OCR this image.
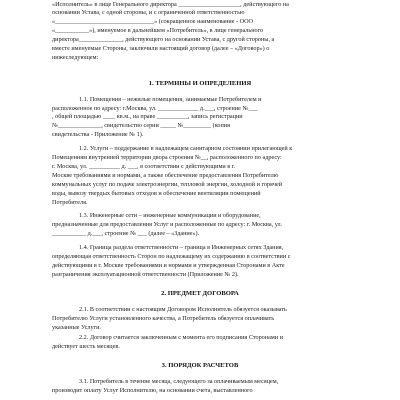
«Исполнитель» в лице Генерального директора ____________________, действующего на
основании Устава, с одной стороны, и с ограниченной ответственностью
«________________________________» (сокращенное наименование - ООО
«___________»), именуемое в дальнейшем «Потребитель», в лице генерального
директора______________, действующего на основании Устава, с другой стороны, а
вместе именуемые Стороны, заключили настоящий договор (далее – «Договор») о
нижеследующем:
1. ТЕРМИНЫ И ОПРЕДЕЛЕНИЯ
1.1. Помещения – нежилые помещения, занимаемые Потребителем и
расположенное по адресу: г.Москва, ул. _____________ д.___, строение №___
, общей площадью ____ кв.м., на праве __________, запись регистрации
№______________, свидетельство серии _____ №_________ (копия
свидетельства - Приложение № 1).
1.2. Услуги – поддержание в надлежащем санитарном состоянии прилегающей к
Помещениям внутренней территории двора строения №__, расположенного по адресу:
г. Москва, ул. __________ д. ___, в соответствии с действующими в г.
Москве требованиями и нормами, а также обеспечение предоставления Потребителю
коммунальных услуг по подаче электроэнергии, тепловой энергии, холодной и горячей
воды, вывозу твердых бытовых отходов и обеспечение вентиляции помещений
Потребителя.
1.3. Инженерные сети – инженерные коммуникации и оборудование,
предназначенные для предоставления Услуг и расположенные по адресу: г. Москва, ул.
___________ д.___, строение № ___ (далее – «Здание»).
1.4. Граница раздела ответственности – граница в Инженерных сетях Здания,
определяющая ответственность Сторон по надлежащему их содержанию в соответствии с
действующими в г. Москве требованиями и нормами и утвержденная Сторонами в Акте
разграничения эксплуатационной ответственности (Приложение № 2).
2. ПРЕДМЕТ ДОГОВОРА
2.1. В соответствии с настоящим Договором Исполнитель обязуется оказывать
Потребителю Услуги установленного качества, а Потребитель обязуется оплачивать
указанные Услуги.
2.2. Договор считается заключенным с момента его подписания Сторонами и
действует шесть месяцев.
3. ПОРЯДОК РАСЧЕТОВ
3.1. Потребитель в течение месяца, следующего за оплачиваемым месяцем,
производит оплату Услуг Исполнителю, на основании счета, выставленного
